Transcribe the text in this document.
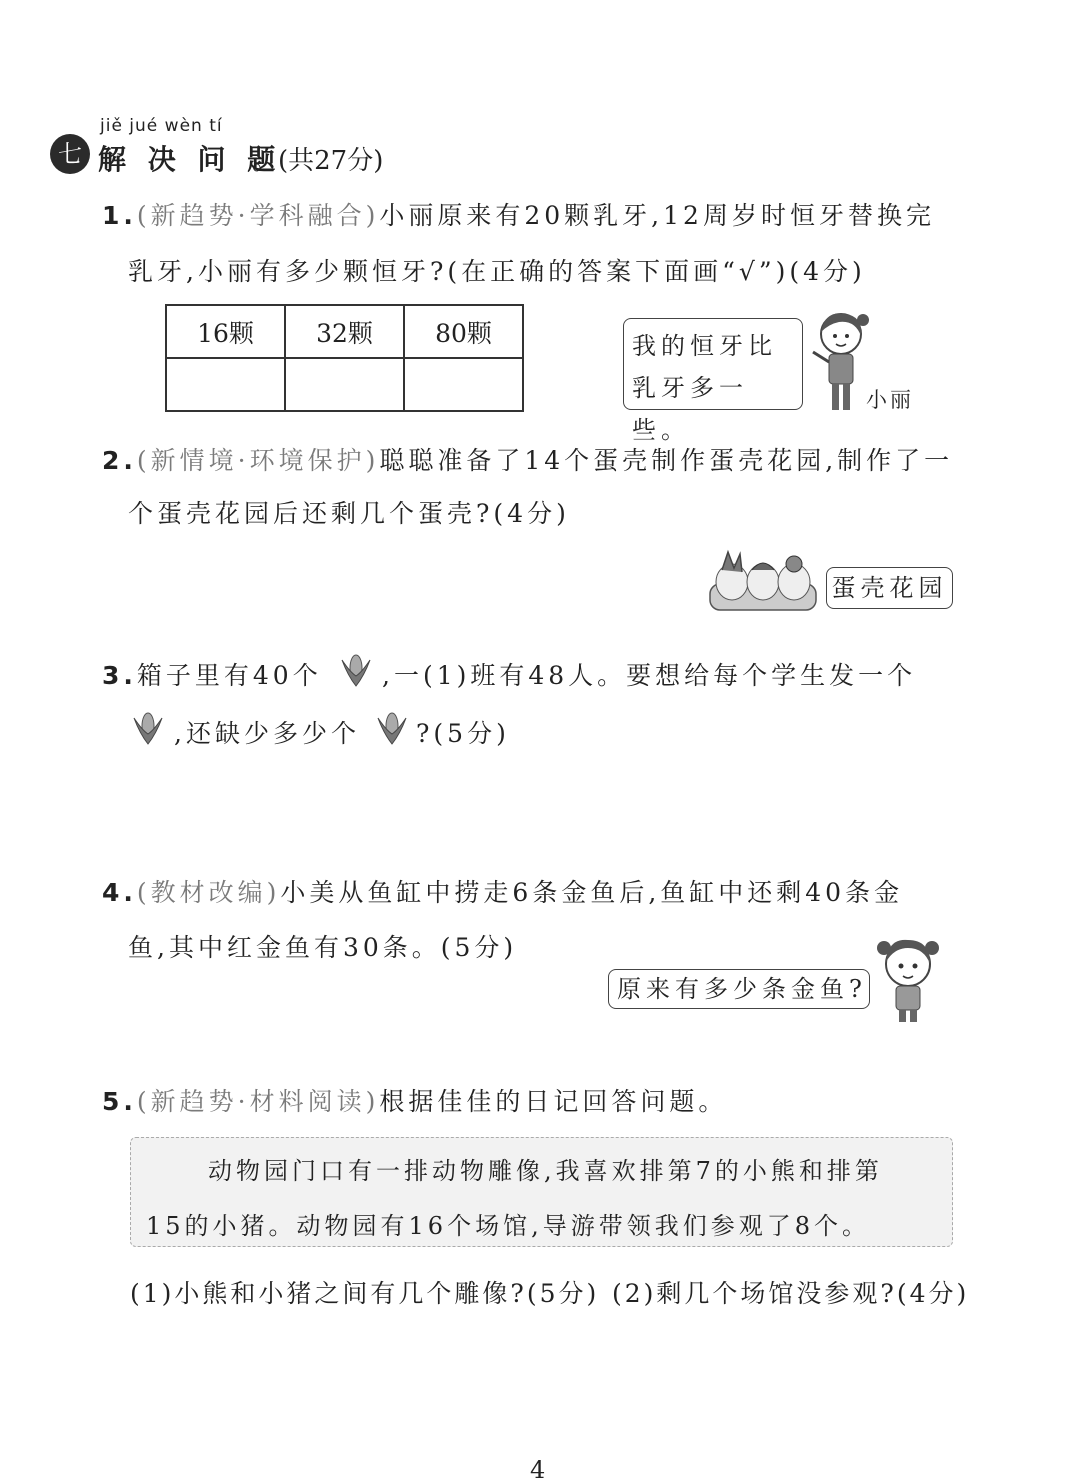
七
jiě jué wèn tí
解 决 问 题
。(共27分)
1.(新趋势·学科融合)小丽原来有20颗乳牙,12周岁时恒牙替换完
乳牙,小丽有多少颗恒牙?(在正确的答案下面画“√”)(4分)
16颗	32颗	80颗
			我的恒牙比
乳牙多一些。
小丽
2.(新情境·环境保护)聪聪准备了14个蛋壳制作蛋壳花园,制作了一
个蛋壳花园后还剩几个蛋壳?(4分)
蛋壳花园
3.箱子里有40个 ,一(1)班有48人。要想给每个学生发一个
,还缺少多少个 ?(5分)
4.(教材改编)小美从鱼缸中捞走6条金鱼后,鱼缸中还剩40条金
鱼,其中红金鱼有30条。(5分)
原来有多少条金鱼?
5.(新趋势·材料阅读)根据佳佳的日记回答问题。
动物园门口有一排动物雕像,我喜欢排第7的小熊和排第
15的小猪。动物园有16个场馆,导游带领我们参观了8个。
(1)小熊和小猪之间有几个雕像?(5分) (2)剩几个场馆没参观?(4分)
4
